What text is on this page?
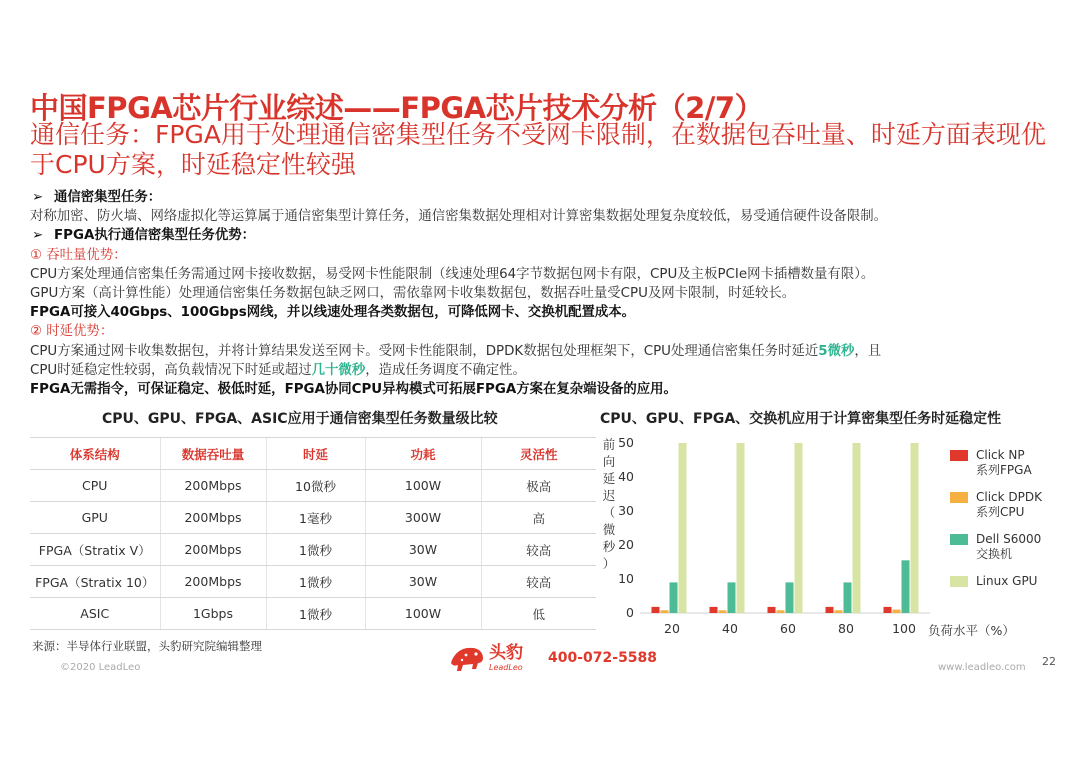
中国FPGA芯片行业综述——FPGA芯片技术分析（2/7）
通信任务：FPGA用于处理通信密集型任务不受网卡限制，在数据包吞吐量、时延方面表现优于CPU方案，时延稳定性较强
➢ 通信密集型任务：
对称加密、防火墙、网络虚拟化等运算属于通信密集型计算任务，通信密集数据处理相对计算密集数据处理复杂度较低，易受通信硬件设备限制。
➢ FPGA执行通信密集型任务优势：
① 吞吐量优势：
CPU方案处理通信密集任务需通过网卡接收数据，易受网卡性能限制（线速处理64字节数据包网卡有限，CPU及主板PCIe网卡插槽数量有限）。
GPU方案（高计算性能）处理通信密集任务数据包缺乏网口，需依靠网卡收集数据包，数据吞吐量受CPU及网卡限制，时延较长。
FPGA可接入40Gbps、100Gbps网线，并以线速处理各类数据包，可降低网卡、交换机配置成本。
② 时延优势：
CPU方案通过网卡收集数据包，并将计算结果发送至网卡。受网卡性能限制，DPDK数据包处理框架下，CPU处理通信密集任务时延近5微秒，且
CPU时延稳定性较弱，高负载情况下时延或超过几十微秒，造成任务调度不确定性。
FPGA无需指令，可保证稳定、极低时延，FPGA协同CPU异构模式可拓展FPGA方案在复杂端设备的应用。
CPU、GPU、FPGA、ASIC应用于通信密集型任务数量级比较
体系结构	数据吞吐量	时延	功耗	灵活性
CPU	200Mbps	10微秒	100W	极高
GPU	200Mbps	1毫秒	300W	高
FPGA（Stratix V）	200Mbps	1微秒	30W	较高
FPGA（Stratix 10）	200Mbps	1微秒	30W	较高
ASIC	1Gbps	1微秒	100W	低
CPU、GPU、FPGA、交换机应用于计算密集型任务时延稳定性
前
向
延
迟
（
微
秒
）
0
10
20
30
40
50
20	40	60	80	100 负荷水平（%）
Click NP
系列FPGA
Click DPDK
系列CPU
Dell S6000
交换机
Linux GPU
来源：半导体行业联盟，头豹研究院编辑整理
©2020 LeadLeo
头豹
LeadLeo
400-072-5588
www.leadleo.com 22
